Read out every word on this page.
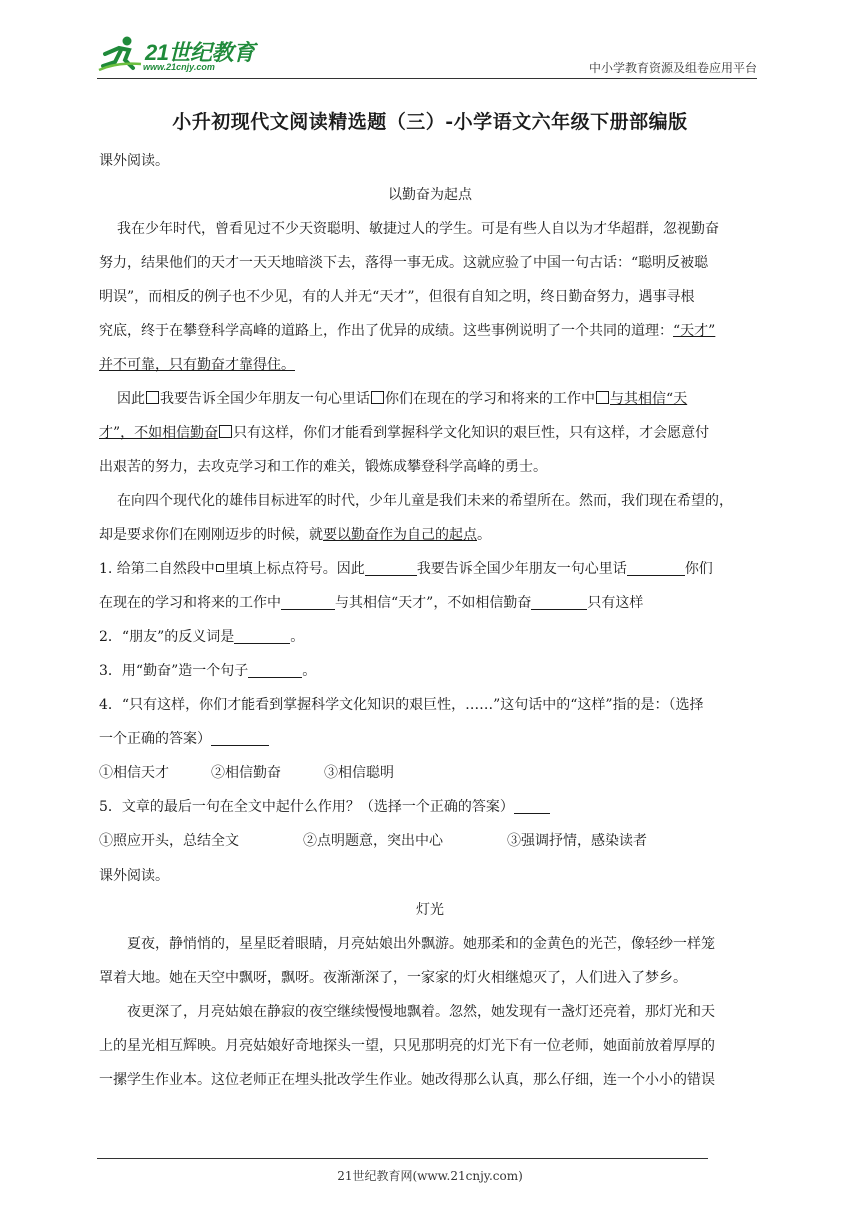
21世纪教育
www.21cnjy.com	中小学教育资源及组卷应用平台
小升初现代文阅读精选题（三）-小学语文六年级下册部编版
课外阅读。
以勤奋为起点
我在少年时代，曾看见过不少天资聪明、敏捷过人的学生。可是有些人自以为才华超群，忽视勤奋
努力，结果他们的天才一天天地暗淡下去，落得一事无成。这就应验了中国一句古话：“聪明反被聪
明误”，而相反的例子也不少见，有的人并无“天才”，但很有自知之明，终日勤奋努力，遇事寻根
究底，终于在攀登科学高峰的道路上，作出了优异的成绩。这些事例说明了一个共同的道理：“天才”
并不可靠，只有勤奋才靠得住。
因此 我要告诉全国少年朋友一句心里话 你们在现在的学习和将来的工作中 与其相信“天
才”，不如相信勤奋 只有这样，你们才能看到掌握科学文化知识的艰巨性，只有这样，才会愿意付
出艰苦的努力，去攻克学习和工作的难关，锻炼成攀登科学高峰的勇士。
在向四个现代化的雄伟目标进军的时代，少年儿童是我们未来的希望所在。然而，我们现在希望的，
却是要求你们在刚刚迈步的时候，就要以勤奋作为自己的起点。
1. 给第二自然段中 里填上标点符号。因此	我要告诉全国少年朋友一句心里话	你们
在现在的学习和将来的工作中	与其相信“天才”，不如相信勤奋	只有这样
2．“朋友”的反义词是	。
3．用“勤奋”造一个句子	。
4．“只有这样，你们才能看到掌握科学文化知识的艰巨性，……”这句话中的“这样”指的是：（选择
一个正确的答案）
①相信天才	②相信勤奋	③相信聪明
5．文章的最后一句在全文中起什么作用？（选择一个正确的答案）
①照应开头，总结全文	②点明题意，突出中心	③强调抒情，感染读者
课外阅读。
灯光
夏夜，静悄悄的，星星眨着眼睛，月亮姑娘出外飘游。她那柔和的金黄色的光芒，像轻纱一样笼
罩着大地。她在天空中飘呀，飘呀。夜渐渐深了，一家家的灯火相继熄灭了，人们进入了梦乡。
夜更深了，月亮姑娘在静寂的夜空继续慢慢地飘着。忽然，她发现有一盏灯还亮着，那灯光和天
上的星光相互辉映。月亮姑娘好奇地探头一望，只见那明亮的灯光下有一位老师，她面前放着厚厚的
一摞学生作业本。这位老师正在埋头批改学生作业。她改得那么认真，那么仔细，连一个小小的错误
21世纪教育网(www.21cnjy.com)
